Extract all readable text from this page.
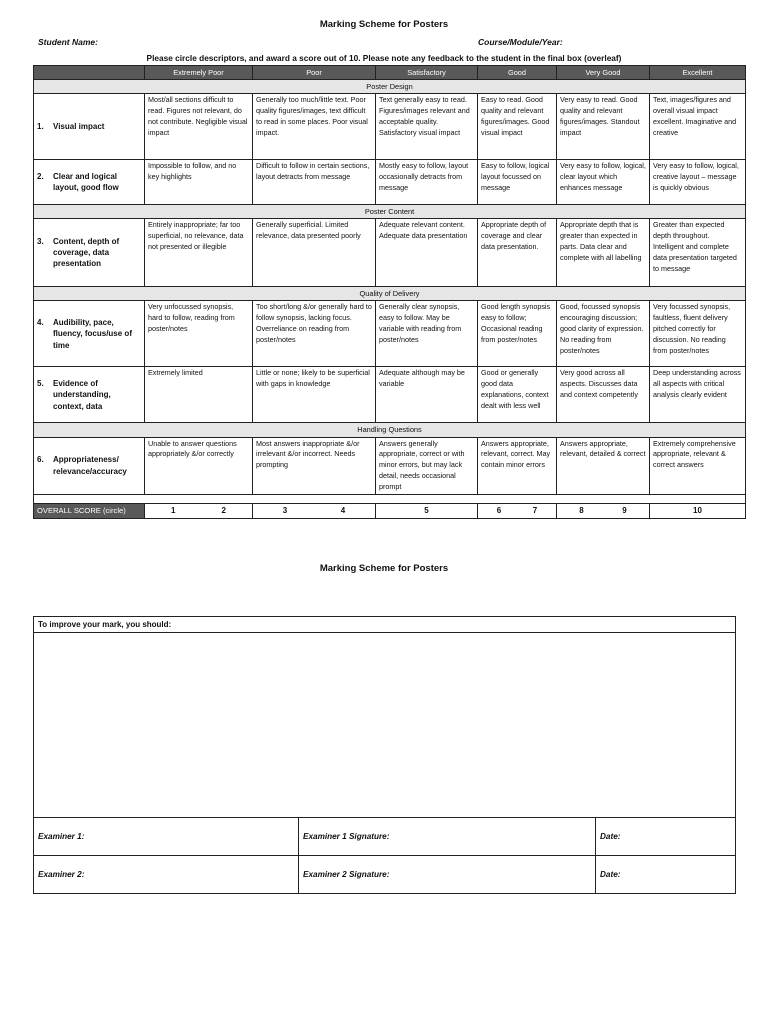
Marking Scheme for Posters
Student Name:	Course/Module/Year:
Please circle descriptors, and award a score out of 10. Please note any feedback to the student in the final box (overleaf)
	Extremely Poor	Poor	Satisfactory	Good	Very Good	Excellent
Poster Design						

1. Visual impact	Most/all sections difficult to read. Figures not relevant, do not contribute. Negligible visual impact	Generally too much/little text. Poor quality figures/images, text difficult to read in some places. Poor visual impact.	Text generally easy to read. Figures/images relevant and acceptable quality. Satisfactory visual impact	Easy to read. Good quality and relevant figures/images. Good visual impact	Very easy to read. Good quality and relevant figures/images. Standout impact	Text, images/figures and overall visual impact excellent. Imaginative and creative

2. Clear and logical layout, good flow	Impossible to follow, and no key highlights	Difficult to follow in certain sections, layout detracts from message	Mostly easy to follow, layout occasionally detracts from message	Easy to follow, logical layout focussed on message	Very easy to follow, logical, clear layout which enhances message	Very easy to follow, logical, creative layout – message is quickly obvious
Poster Content						

3. Content, depth of coverage, data presentation	Entirely inappropriate; far too superficial, no relevance, data not presented or illegible	Generally superficial. Limited relevance, data presented poorly	Adequate relevant content. Adequate data presentation	Appropriate depth of coverage and clear data presentation.	Appropriate depth that is greater than expected in parts. Data clear and complete with all labelling	Greater than expected depth throughout. Intelligent and complete data presentation targeted to message
Quality of Delivery						

4. Audibility, pace, fluency, focus/use of time	Very unfocussed synopsis, hard to follow, reading from poster/notes	Too short/long &/or generally hard to follow synopsis, lacking focus. Overreliance on reading from poster/notes	Generally clear synopsis, easy to follow. May be variable with reading from poster/notes	Good length synopsis easy to follow; Occasional reading from poster/notes	Good, focussed synopsis encouraging discussion; good clarity of expression. No reading from poster/notes	Very focussed synopsis, faultless, fluent delivery pitched correctly for discussion. No reading from poster/notes

5. Evidence of understanding, context, data	Extremely limited	Little or none; likely to be superficial with gaps in knowledge	Adequate although may be variable	Good or generally good data explanations, context dealt with less well	Very good across all aspects. Discusses data and context competently	Deep understanding across all aspects with critical analysis clearly evident
Handling Questions						

6. Appropriateness/ relevance/accuracy	Unable to answer questions appropriately &/or correctly	Most answers inappropriate &/or irrelevant &/or incorrect. Needs prompting	Answers generally appropriate, correct or with minor errors, but may lack detail, needs occasional prompt	Answers appropriate, relevant, correct. May contain minor errors	Answers appropriate, relevant, detailed & correct	Extremely comprehensive appropriate, relevant & correct answers

OVERALL SCORE (circle)	1 2	3 4	5	6 7	8 9	10
Marking Scheme for Posters
To improve your mark, you should:		

Examiner 1:	Examiner 1 Signature:	Date:
Examiner 2:	Examiner 2 Signature:	Date:
